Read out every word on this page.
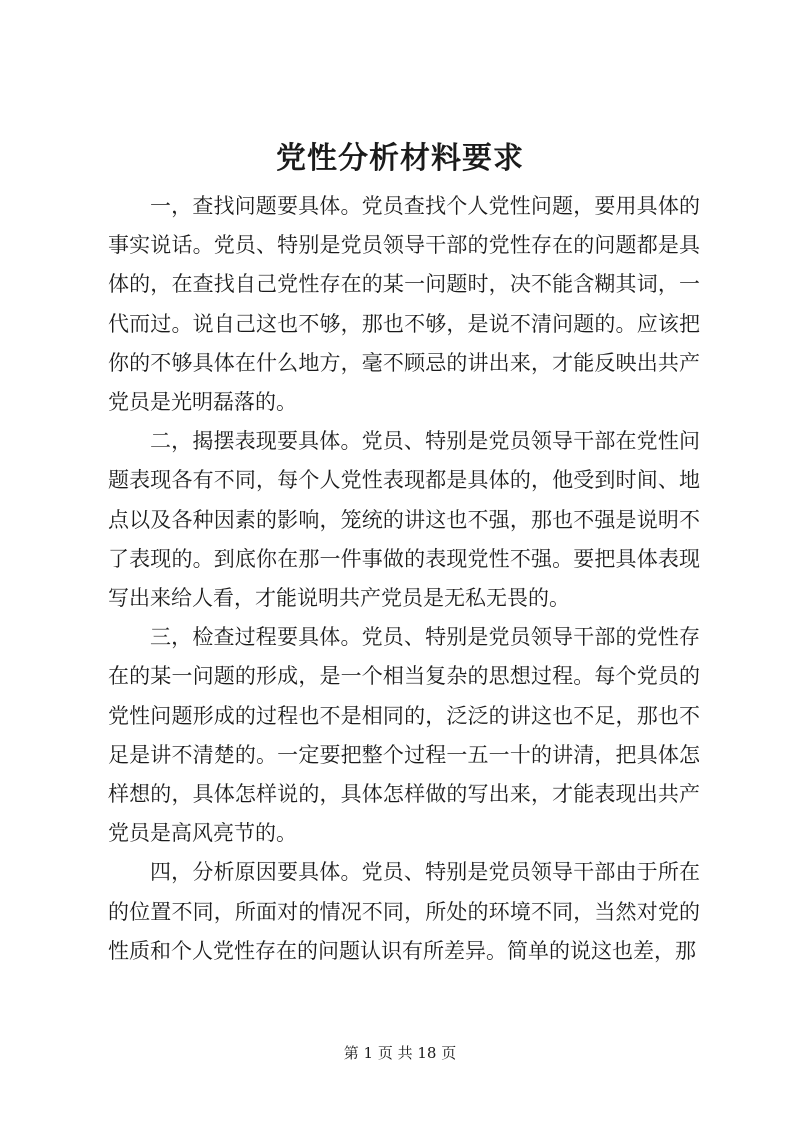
党性分析材料要求

一，查找问题要具体。党员查找个人党性问题，要用具体的事实说话。党员、特别是党员领导干部的党性存在的问题都是具体的，在查找自己党性存在的某一问题时，决不能含糊其词，一代而过。说自己这也不够，那也不够，是说不清问题的。应该把你的不够具体在什么地方，毫不顾忌的讲出来，才能反映出共产党员是光明磊落的。

二，揭摆表现要具体。党员、特别是党员领导干部在党性问题表现各有不同，每个人党性表现都是具体的，他受到时间、地点以及各种因素的影响，笼统的讲这也不强，那也不强是说明不了表现的。到底你在那一件事做的表现党性不强。要把具体表现写出来给人看，才能说明共产党员是无私无畏的。

三，检查过程要具体。党员、特别是党员领导干部的党性存在的某一问题的形成，是一个相当复杂的思想过程。每个党员的党性问题形成的过程也不是相同的，泛泛的讲这也不足，那也不足是讲不清楚的。一定要把整个过程一五一十的讲清，把具体怎样想的，具体怎样说的，具体怎样做的写出来，才能表现出共产党员是高风亮节的。

四，分析原因要具体。党员、特别是党员领导干部由于所在的位置不同，所面对的情况不同，所处的环境不同，当然对党的性质和个人党性存在的问题认识有所差异。简单的说这也差，那

第 1 页 共 18 页
